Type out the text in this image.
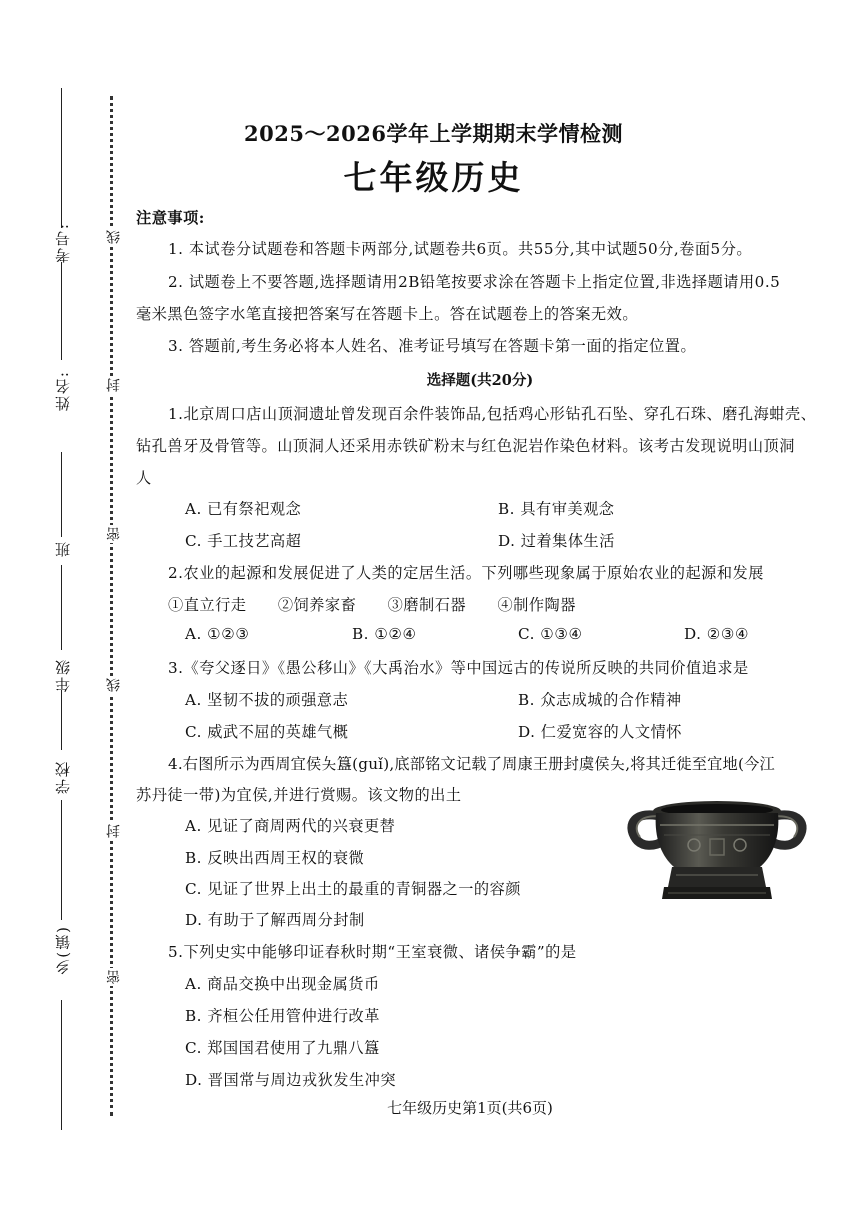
考号:
姓名:
班
年级
学校
乡(镇)
线
封
密
线
封
密
2025～2026学年上学期期末学情检测
七年级历史
注意事项:
1. 本试卷分试题卷和答题卡两部分,试题卷共6页。共55分,其中试题50分,卷面5分。
2. 试题卷上不要答题,选择题请用2B铅笔按要求涂在答题卡上指定位置,非选择题请用0.5
毫米黑色签字水笔直接把答案写在答题卡上。答在试题卷上的答案无效。
3. 答题前,考生务必将本人姓名、准考证号填写在答题卡第一面的指定位置。
选择题(共20分)
1.北京周口店山顶洞遗址曾发现百余件装饰品,包括鸡心形钻孔石坠、穿孔石珠、磨孔海蚶壳、
钻孔兽牙及骨管等。山顶洞人还采用赤铁矿粉末与红色泥岩作染色材料。该考古发现说明山顶洞
人
A. 已有祭祀观念	B. 具有审美观念
C. 手工技艺高超	D. 过着集体生活
2.农业的起源和发展促进了人类的定居生活。下列哪些现象属于原始农业的起源和发展
①直立行走　　②饲养家畜　　③磨制石器　　④制作陶器
A. ①②③	B. ①②④	C. ①③④	D. ②③④
3.《夸父逐日》《愚公移山》《大禹治水》等中国远古的传说所反映的共同价值追求是
A. 坚韧不拔的顽强意志	B. 众志成城的合作精神
C. 威武不屈的英雄气概	D. 仁爱宽容的人文情怀
4.右图所示为西周宜侯夨簋(guǐ),底部铭文记载了周康王册封虞侯夨,将其迁徙至宜地(今江
苏丹徒一带)为宜侯,并进行赏赐。该文物的出土
A. 见证了商周两代的兴衰更替
B. 反映出西周王权的衰微
C. 见证了世界上出土的最重的青铜器之一的容颜
D. 有助于了解西周分封制
5.下列史实中能够印证春秋时期“王室衰微、诸侯争霸”的是
A. 商品交换中出现金属货币
B. 齐桓公任用管仲进行改革
C. 郑国国君使用了九鼎八簋
D. 晋国常与周边戎狄发生冲突
七年级历史第1页(共6页)
